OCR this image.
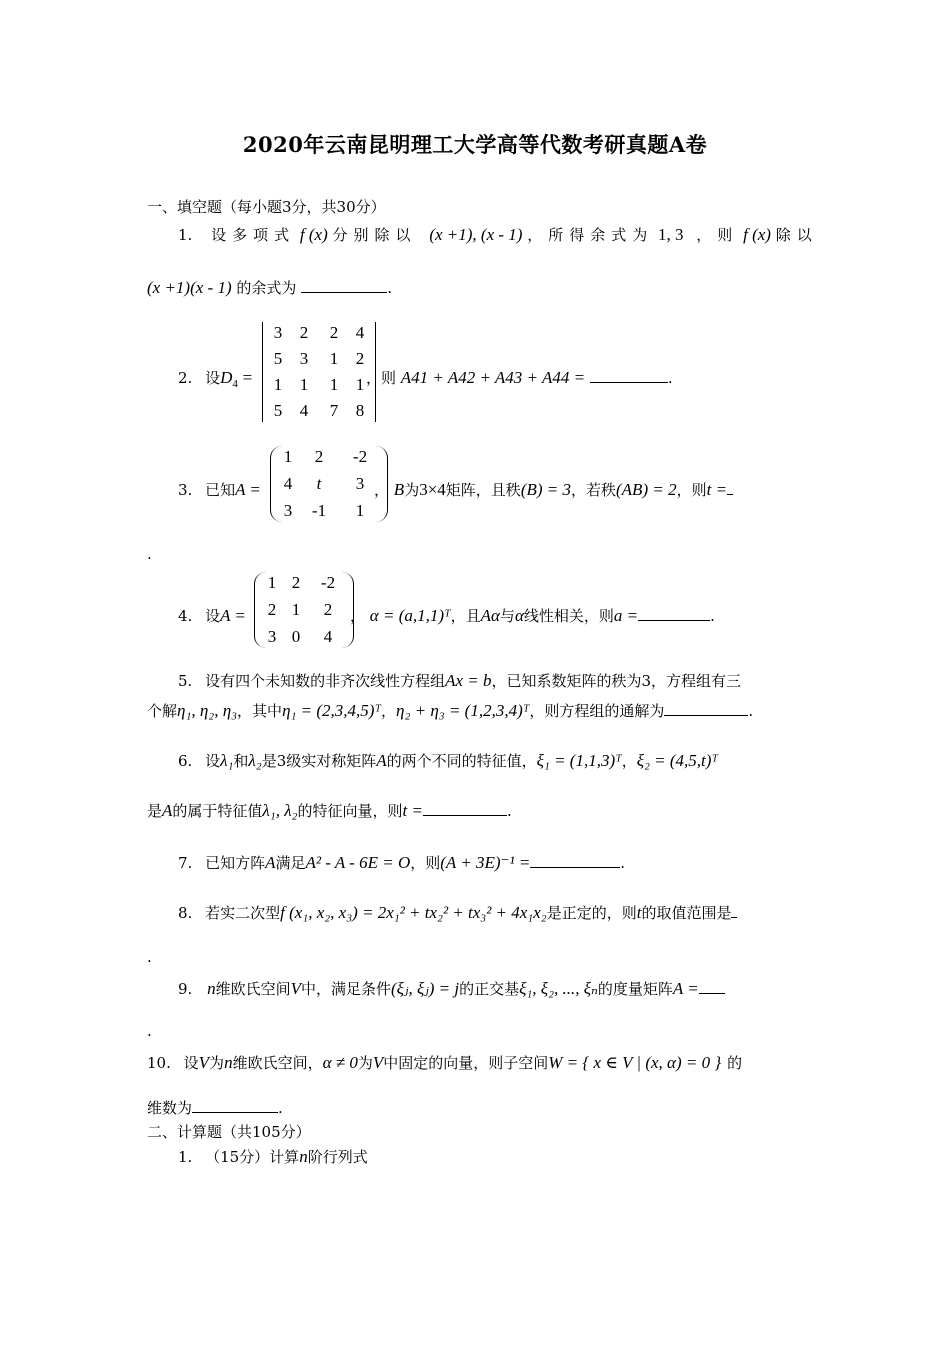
2020年云南昆明理工大学高等代数考研真题A卷
一、填空题（每小题3分，共30分）
1. 设多项式 f (x) 分别除以 (x +1), (x - 1) ，所得余式为 1, 3 ，则 f (x) 除以
(x +1)(x - 1) 的余式为	.
2. 设$D_4$ =
3	2	2	4
5	3	1	2
1	1	1	1
5	4	7	8
，则 A41 + A42 + A43 + A44 =	.
3. 已知A =
1	2	-2
4	t	3
3	-1	1
， B为3×4矩阵，且秩(B) = 3，若秩(AB) = 2，则t =
.
4. 设A =
1 2	-2
2 1	2
3 0	4
， α = (a,1,1)ᵀ，且Aα与α线性相关，则a =	.
5. 设有四个未知数的非齐次线性方程组Ax = b，已知系数矩阵的秩为3，方程组有三
个解η₁, η₂, η₃，其中η₁ = (2,3,4,5)ᵀ，η₂ + η₃ = (1,2,3,4)ᵀ，则方程组的通解为	.
6. 设λ₁和λ₂是3级实对称矩阵A的两个不同的特征值，ξ₁ = (1,1,3)ᵀ，ξ₂ = (4,5,t)ᵀ
是A的属于特征值λ₁, λ₂的特征向量，则t =	.
7. 已知方阵A满足A² - A - 6E = O，则(A + 3E)⁻¹ =	.
8. 若实二次型f (x₁, x₂, x₃) = 2x₁² + tx₂² + tx₃² + 4x₁x₂是正定的，则t的取值范围是
.
9. n维欧氏空间V中，满足条件(ξⱼ, ξⱼ) = j的正交基ξ₁, ξ₂, ..., ξₙ的度量矩阵A =
.
10. 设V为n维欧氏空间，α ≠ 0为V中固定的向量，则子空间W = { x ∈ V | (x, α) = 0 } 的
维数为	.
二、计算题（共105分）
1. （15分）计算n阶行列式
